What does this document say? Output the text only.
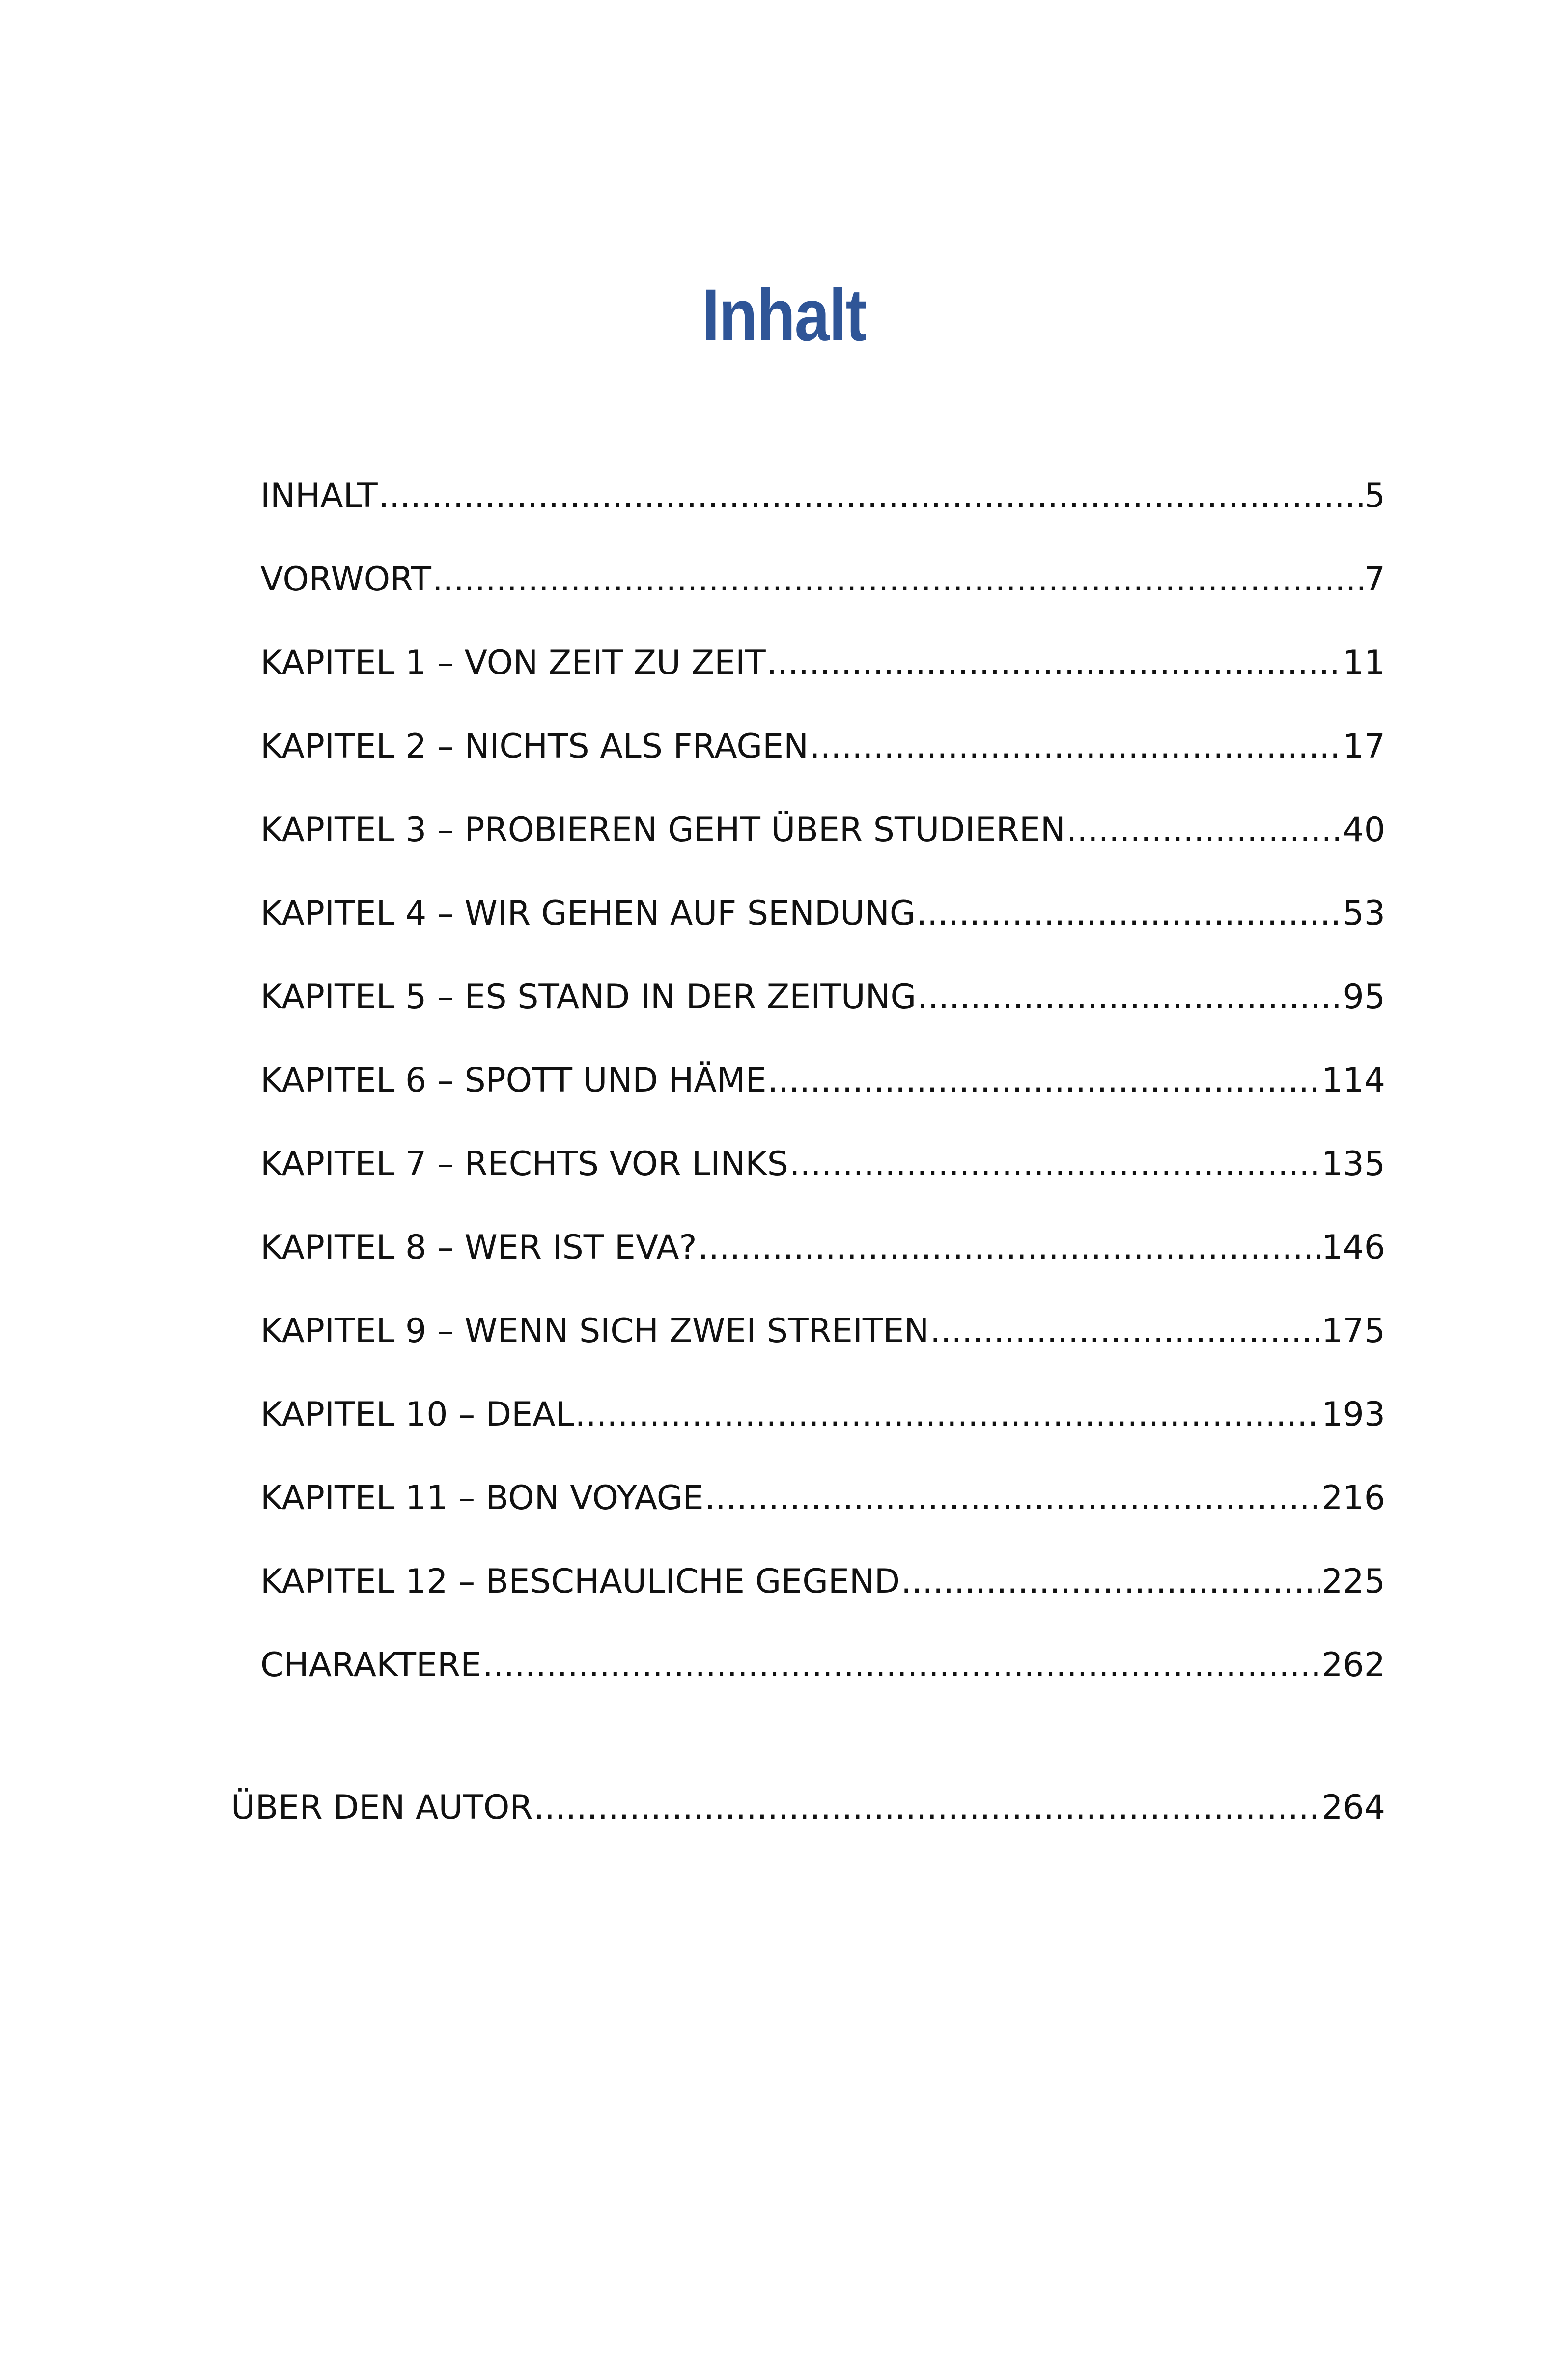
Inhalt
INHALT .....	5
VORWORT .....	7
KAPITEL 1 – VON ZEIT ZU ZEIT .....	11
KAPITEL 2 – NICHTS ALS FRAGEN .....	17
KAPITEL 3 – PROBIEREN GEHT ÜBER STUDIEREN .....	40
KAPITEL 4 – WIR GEHEN AUF SENDUNG .....	53
KAPITEL 5 – ES STAND IN DER ZEITUNG .....	95
KAPITEL 6 – SPOTT UND HÄME .....	114
KAPITEL 7 – RECHTS VOR LINKS .....	135
KAPITEL 8 – WER IST EVA? .....	146
KAPITEL 9 – WENN SICH ZWEI STREITEN .....	175
KAPITEL 10 – DEAL .....	193
KAPITEL 11 – BON VOYAGE .....	216
KAPITEL 12 – BESCHAULICHE GEGEND .....	225
CHARAKTERE .....	262
ÜBER DEN AUTOR .....	264
